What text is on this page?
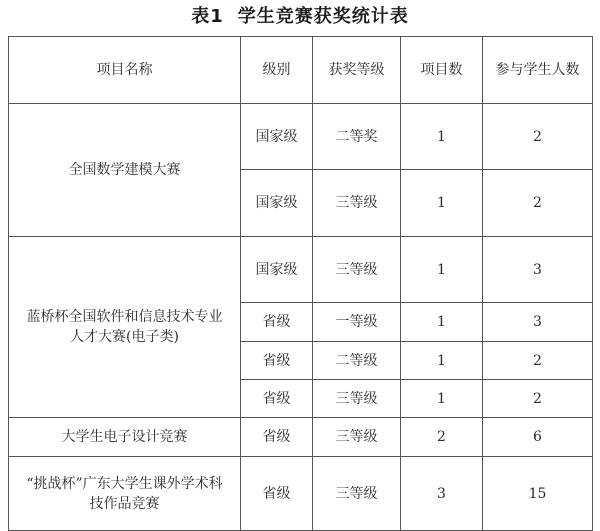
表1 学生竞赛获奖统计表
项目名称	级别	获奖等级	项目数	参与学生人数
全国数学建模大赛	国家级	二等奖	1	2
	国家级	三等级	1	2
蓝桥杯全国软件和信息技术专业人才大赛(电子类)	国家级	三等级	1	3
	省级	一等级	1	3
	省级	二等级	1	2
	省级	三等级	1	2
大学生电子设计竞赛	省级	三等级	2	6
“挑战杯”广东大学生课外学术科技作品竞赛	省级	三等级	3	15
